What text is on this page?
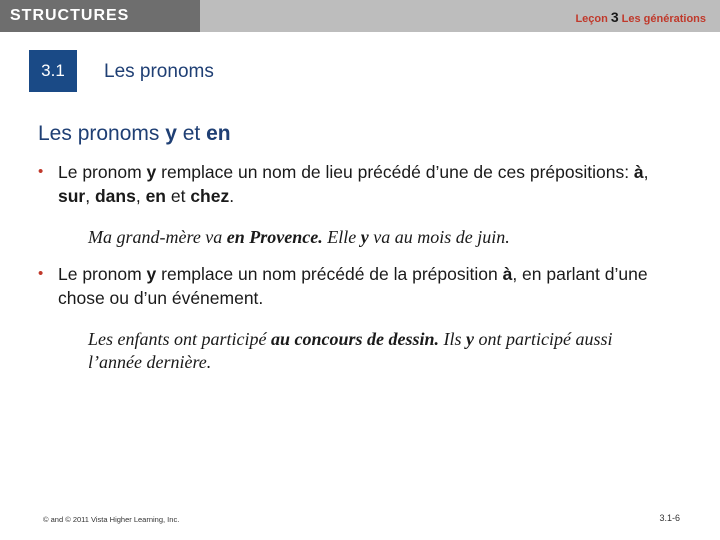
STRUCTURES	Leçon 3 Les générations
3.1 Les pronoms
Les pronoms y et en
• Le pronom y remplace un nom de lieu précédé d’une de ces prépositions: à, sur, dans, en et chez.
Ma grand-mère va en Provence. Elle y va au mois de juin.
• Le pronom y remplace un nom précédé de la préposition à, en parlant d’une chose ou d’un événement.
Les enfants ont participé au concours de dessin. Ils y ont participé aussi l’année dernière.
© and © 2011 Vista Higher Learning, Inc.	3.1-6
